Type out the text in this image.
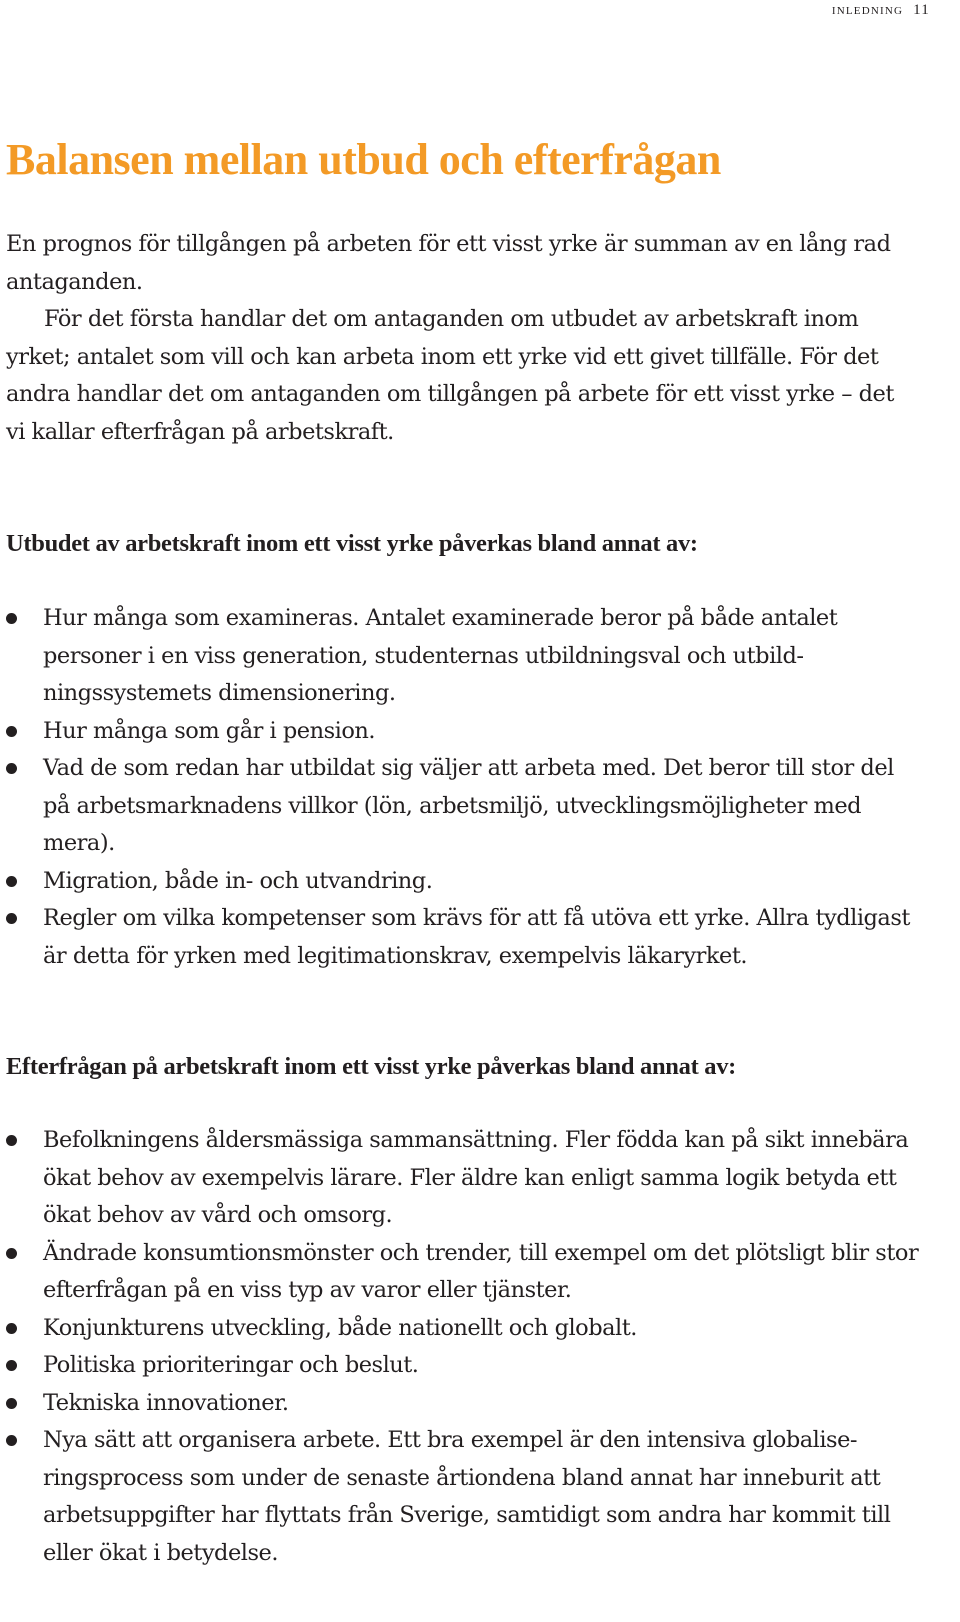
inledning 11
Balansen mellan utbud och efterfrågan

En prognos för tillgången på arbeten för ett visst yrke är summan av en lång rad antaganden.
För det första handlar det om antaganden om utbudet av arbetskraft inom yrket; antalet som vill och kan arbeta inom ett yrke vid ett givet tillfälle. För det andra handlar det om antaganden om tillgången på arbete för ett visst yrke – det vi kallar efterfrågan på arbetskraft.

Utbudet av arbetskraft inom ett visst yrke påverkas bland annat av:
Hur många som examineras. Antalet examinerade beror på både antalet personer i en viss generation, studenternas utbildningsval och utbildningssystemets dimensionering.
Hur många som går i pension.
Vad de som redan har utbildat sig väljer att arbeta med. Det beror till stor del på arbetsmarknadens villkor (lön, arbetsmiljö, utvecklingsmöjligheter med mera).
Migration, både in- och utvandring.
Regler om vilka kompetenser som krävs för att få utöva ett yrke. Allra tydligast är detta för yrken med legitimationskrav, exempelvis läkaryrket.
Efterfrågan på arbetskraft inom ett visst yrke påverkas bland annat av:
Befolkningens åldersmässiga sammansättning. Fler födda kan på sikt innebära ökat behov av exempelvis lärare. Fler äldre kan enligt samma logik betyda ett ökat behov av vård och omsorg.
Ändrade konsumtionsmönster och trender, till exempel om det plötsligt blir stor efterfrågan på en viss typ av varor eller tjänster.
Konjunkturens utveckling, både nationellt och globalt.
Politiska prioriteringar och beslut.
Tekniska innovationer.
Nya sätt att organisera arbete. Ett bra exempel är den intensiva globaliseringsprocess som under de senaste årtiondena bland annat har inneburit att arbetsuppgifter har flyttats från Sverige, samtidigt som andra har kommit till eller ökat i betydelse.
